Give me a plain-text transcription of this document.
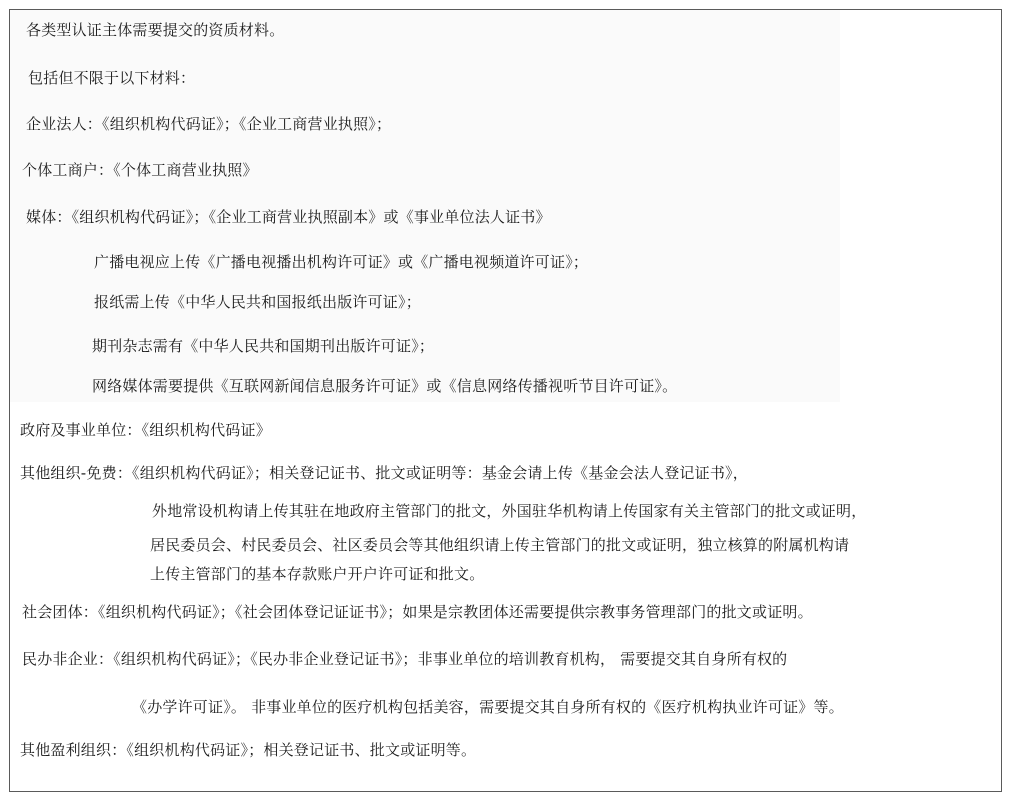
各类型认证主体需要提交的资质材料。
包括但不限于以下材料：
企业法人：《组织机构代码证》；《企业工商营业执照》；
个体工商户：《个体工商营业执照》
媒体：《组织机构代码证》；《企业工商营业执照副本》或《事业单位法人证书》
广播电视应上传《广播电视播出机构许可证》或《广播电视频道许可证》；
报纸需上传《中华人民共和国报纸出版许可证》；
期刊杂志需有《中华人民共和国期刊出版许可证》；
网络媒体需要提供《互联网新闻信息服务许可证》或《信息网络传播视听节目许可证》。
政府及事业单位：《组织机构代码证》
其他组织-免费：《组织机构代码证》；相关登记证书、批文或证明等：基金会请上传《基金会法人登记证书》，
外地常设机构请上传其驻在地政府主管部门的批文，外国驻华机构请上传国家有关主管部门的批文或证明，
居民委员会、村民委员会、社区委员会等其他组织请上传主管部门的批文或证明，独立核算的附属机构请
上传主管部门的基本存款账户开户许可证和批文。
社会团体：《组织机构代码证》；《社会团体登记证证书》；如果是宗教团体还需要提供宗教事务管理部门的批文或证明。
民办非企业：《组织机构代码证》；《民办非企业登记证书》；非事业单位的培训教育机构， 需要提交其自身所有权的
《办学许可证》。 非事业单位的医疗机构包括美容，需要提交其自身所有权的《医疗机构执业许可证》等。
其他盈利组织：《组织机构代码证》；相关登记证书、批文或证明等。
